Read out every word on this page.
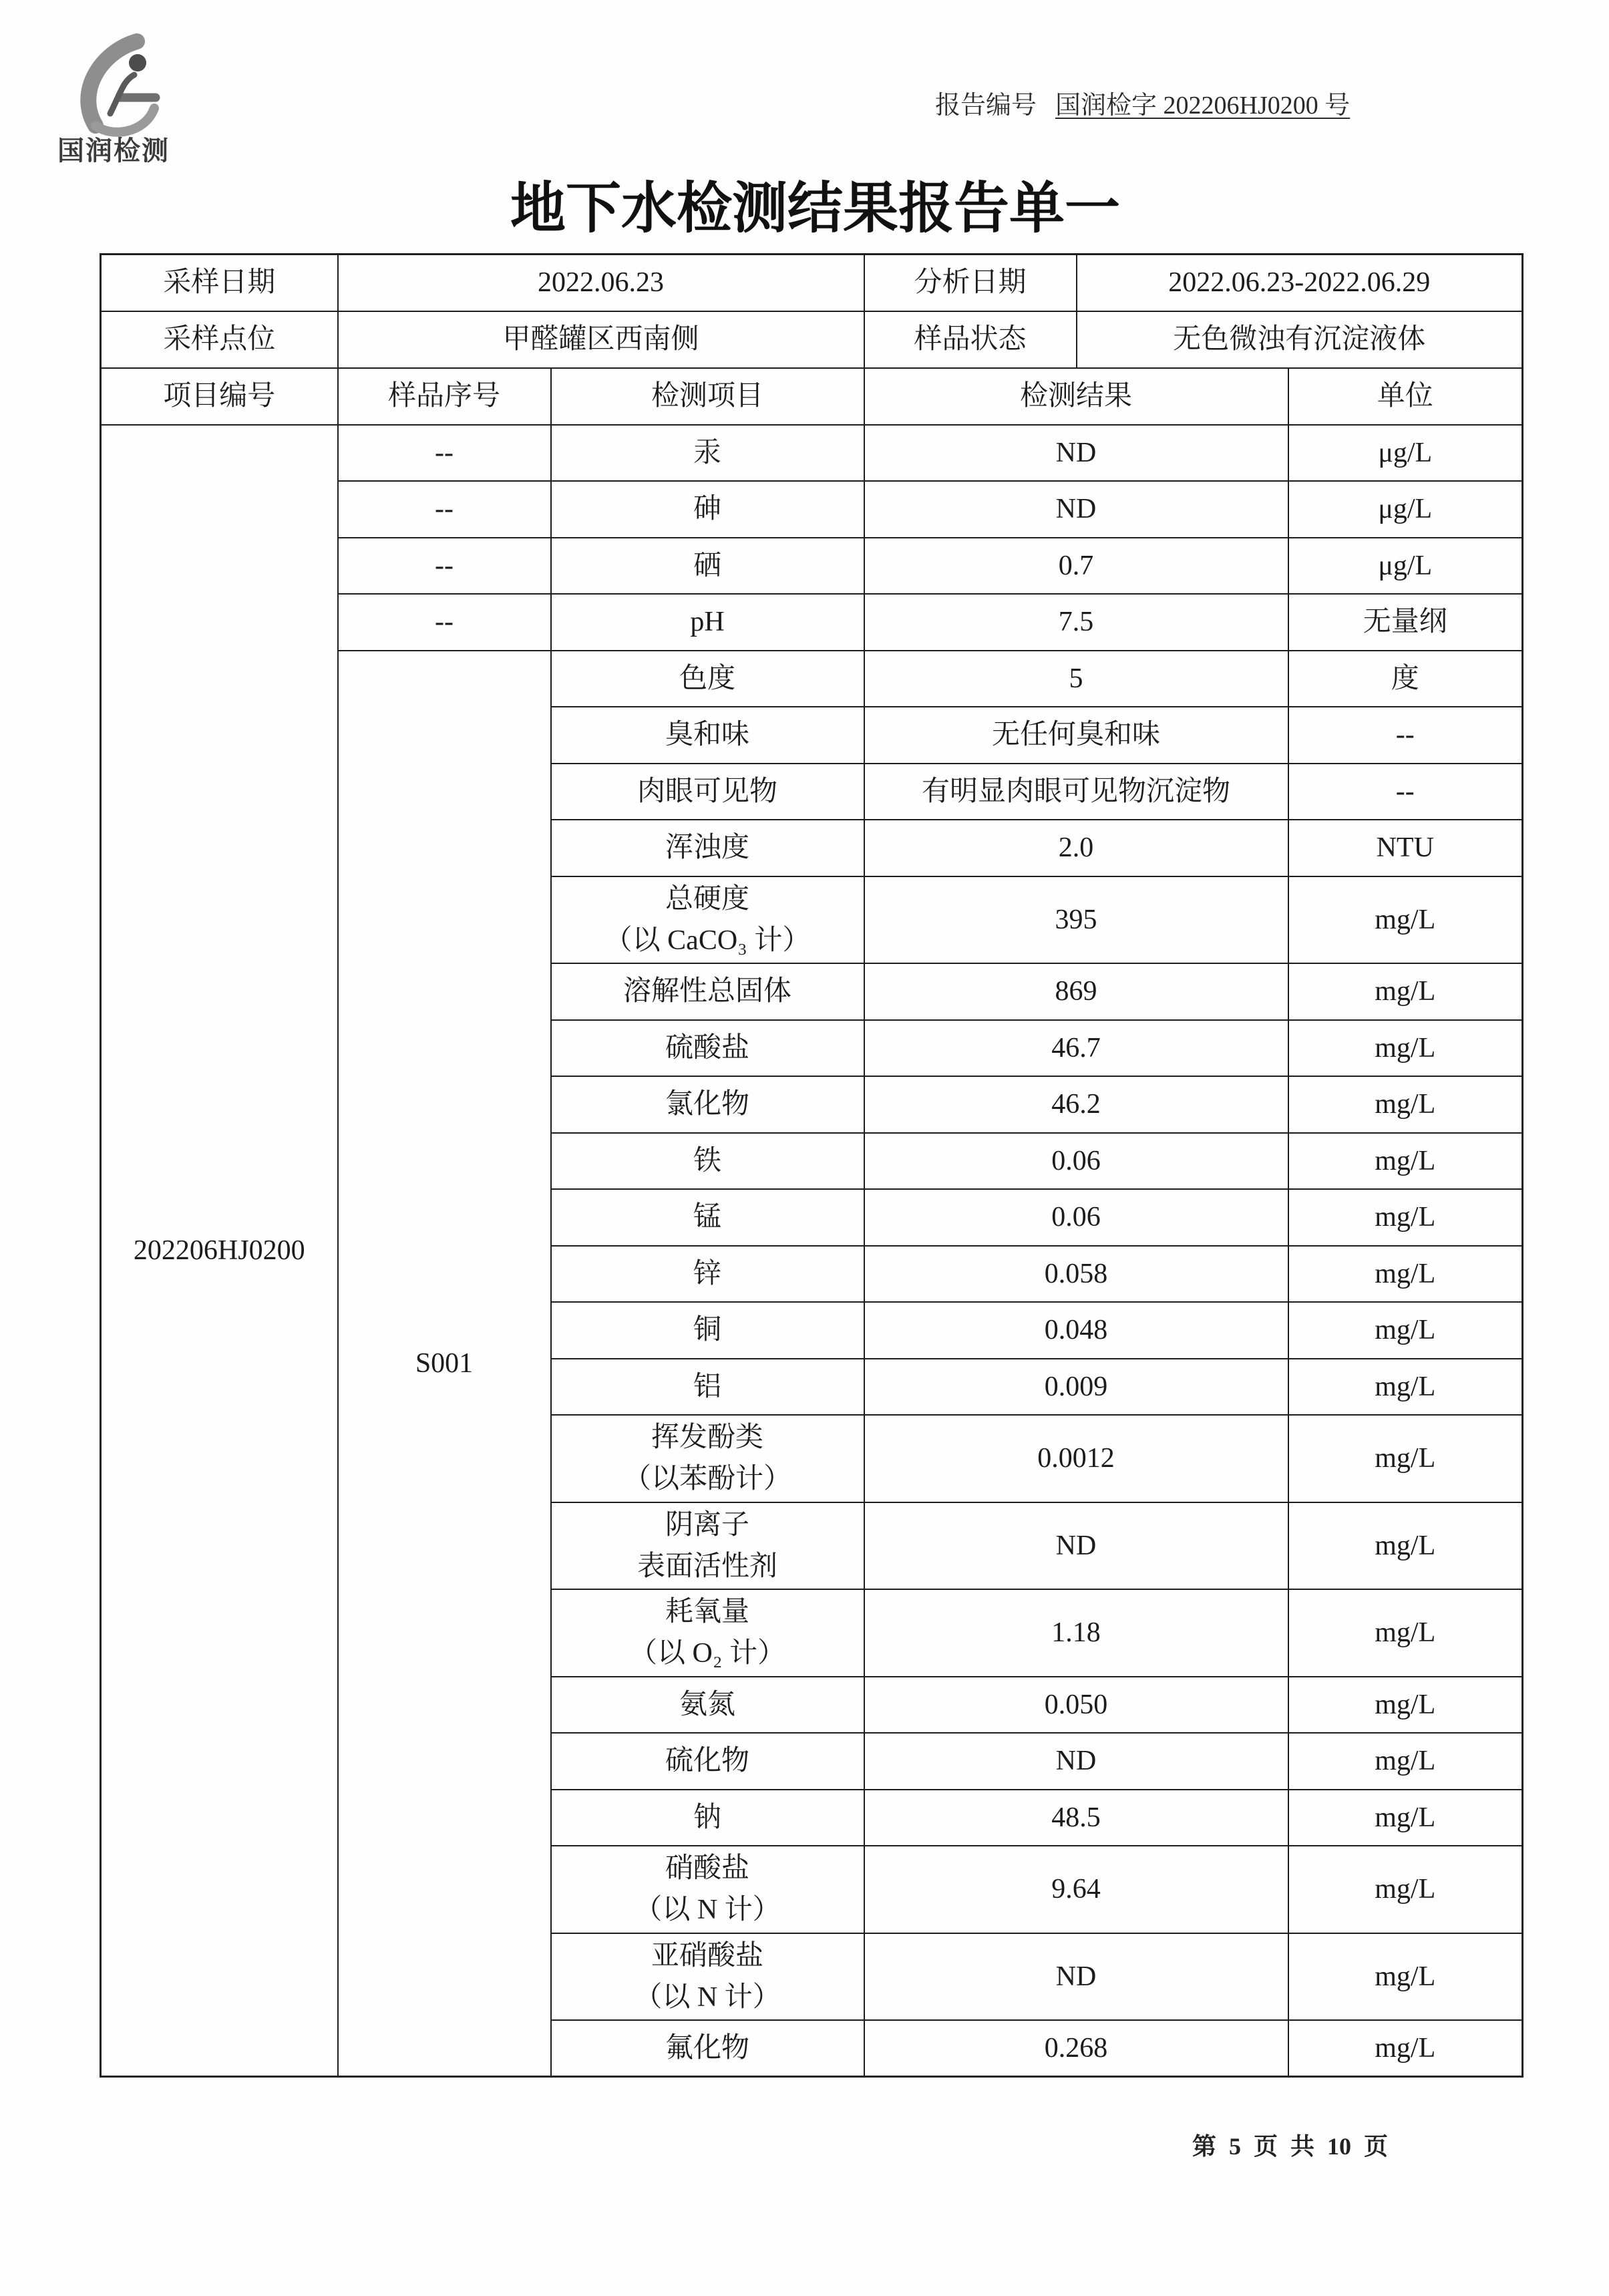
国润检测
报告编号 国润检字 202206HJ0200 号
地下水检测结果报告单一
采样日期	2022.06.23		分析日期	2022.06.23-2022.06.29	
采样点位	甲醛罐区西南侧		样品状态	无色微浊有沉淀液体	
项目编号	样品序号	检测项目	检测结果		单位
202206HJ0200	--	汞	ND		μg/L
	--	砷	ND		μg/L
	--	硒	0.7		μg/L
	--	pH	7.5		无量纲
	S001	色度	5		度
		臭和味	无任何臭和味		--
		肉眼可见物	有明显肉眼可见物沉淀物		--
		浑浊度	2.0		NTU

		总硬度
（以 CaCO₃ 计）	395		mg/L
		溶解性总固体	869		mg/L
		硫酸盐	46.7		mg/L
		氯化物	46.2		mg/L
		铁	0.06		mg/L
		锰	0.06		mg/L
		锌	0.058		mg/L
		铜	0.048		mg/L
		铝	0.009		mg/L

		挥发酚类
（以苯酚计）	0.0012		mg/L

		阴离子
表面活性剂	ND		mg/L

		耗氧量
（以 O₂ 计）	1.18		mg/L
		氨氮	0.050		mg/L
		硫化物	ND		mg/L
		钠	48.5		mg/L

		硝酸盐
（以 N 计）	9.64		mg/L

		亚硝酸盐
（以 N 计）	ND		mg/L
		氟化物	0.268		mg/L
第 5 页 共 10 页
